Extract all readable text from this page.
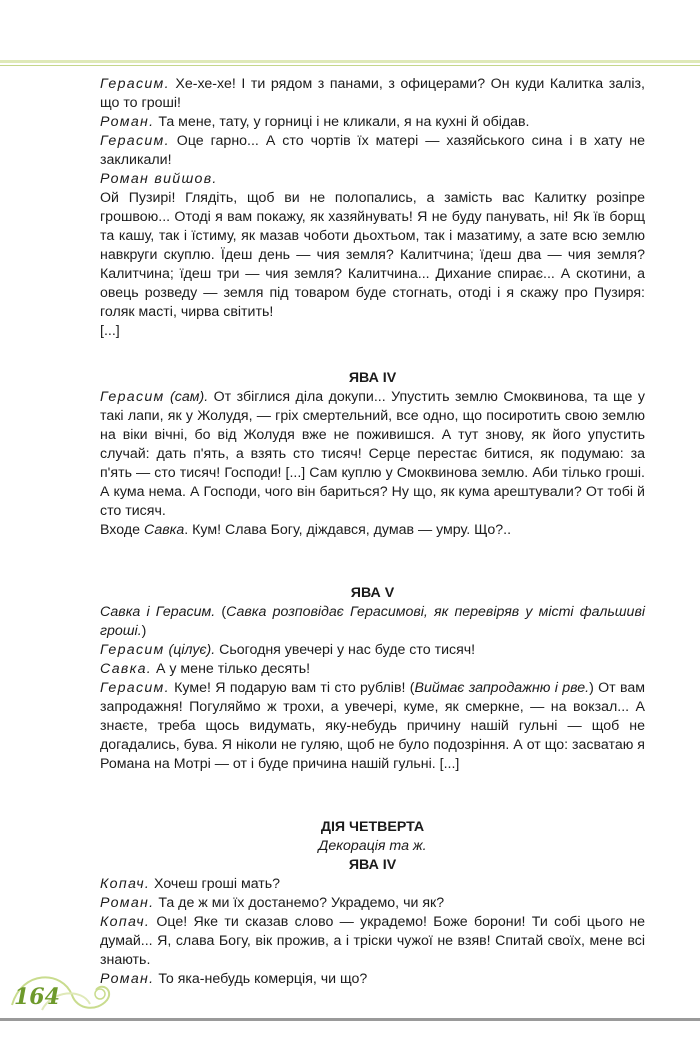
Герасим. Хе-хе-хе! І ти рядом з панами, з офицерами? Он куди Калитка заліз, що то гроші!

Роман. Та мене, тату, у горниці і не кликали, я на кухні й обідав.

Герасим. Оце гарно... А сто чортів їх матері — хазяйського сина і в хату не закликали!

Роман вийшов.

Ой Пузирі! Глядіть, щоб ви не полопались, а замість вас Калитку розіпре грошвою... Отоді я вам покажу, як хазяйнувать! Я не буду панувать, ні! Як їв борщ та кашу, так і їстиму, як мазав чоботи дьохтьом, так і мазатиму, а зате всю землю навкруги скуплю. Їдеш день — чия земля? Калитчина; їдеш два — чия земля? Калитчина; їдеш три — чия земля? Калитчина... Дихание спирає... А скотини, а овець розведу — земля під товаром буде стогнать, отоді і я скажу про Пузиря: голяк масті, чирва світить!

[...]

ЯВА IV

Герасим (сам). От збіглися діла докупи... Упустить землю Смоквинова, та ще у такі лапи, як у Жолудя, — гріх смертельний, все одно, що посиротить свою землю на віки вічні, бо від Жолудя вже не поживишся. А тут знову, як його упустить случай: дать п'ять, а взять сто тисяч! Серце перестає битися, як подумаю: за п'ять — сто тисяч! Господи! [...] Сам куплю у Смоквинова землю. Аби тілько гроші. А кума нема. А Господи, чого він бариться? Ну що, як кума арештували? От тобі й сто тисяч.

Входе Савка. Кум! Слава Богу, діждався, думав — умру. Що?..

ЯВА V

Савка і Герасим. (Савка розповідає Герасимові, як перевіряв у місті фальшиві гроші.)

Герасим (цілує). Сьогодня увечері у нас буде сто тисяч!

Савка. А у мене тілько десять!

Герасим. Куме! Я подарую вам ті сто рублів! (Виймає запродажню і рве.) От вам запродажня! Погуляймо ж трохи, а увечері, куме, як смеркне, — на вокзал... А знаєте, треба щось видумать, яку-небудь причину нашій гульні — щоб не догадались, бува. Я ніколи не гуляю, щоб не було подозріння. А от що: засватаю я Романа на Мотрі — от і буде причина нашій гульні. [...]

ДІЯ ЧЕТВЕРТА

Декорація та ж.

ЯВА IV

Копач. Хочеш гроші мать?

Роман. Та де ж ми їх достанемо? Украдемо, чи як?

Копач. Оце! Яке ти сказав слово — украдемо! Боже борони! Ти собі цього не думай... Я, слава Богу, вік прожив, а і тріски чужої не взяв! Спитай своїх, мене всі знають.

Роман. То яка-небудь комерція, чи що?

164
